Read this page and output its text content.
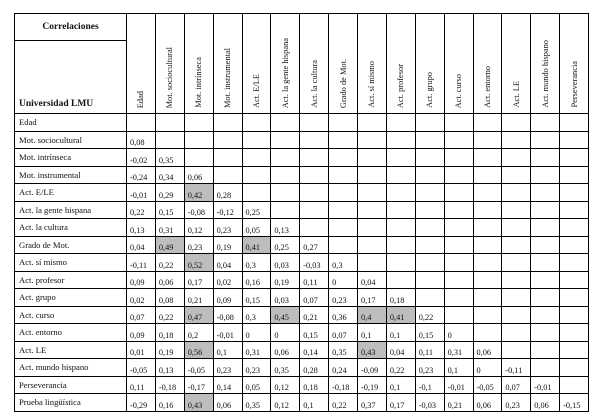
Correlaciones
Universidad LMU	Edad	Mot. sociocultural	Mot. intrínseca	Mot. instrumental	Act. E/LE	Act. la gente hispana	Act. la cultura	Grado de Mot.	Act. sí mismo	Act. profesor	Act. grupo	Act. curso	Act. entorno	Act. LE	Act. mundo hispano	Perseverancia
Edad																
Mot. sociocultural	0,08															
Mot. intrínseca	-0,02	0,35														
Mot. instrumental	-0,24	0,34	0,06													
Act. E/LE	-0,01	0,29	0,42	0,28												
Act. la gente hispana	0,22	0,15	-0,08	-0,12	0,25											
Act. la cultura	0,13	0,31	0,12	0,23	0,05	0,13										
Grado de Mot.	0,04	0,49	0,23	0,19	0,41	0,25	0,27									
Act. sí mismo	-0,11	0,22	0,52	0,04	0,3	0,03	-0,03	0,3								
Act. profesor	0,09	0,06	0,17	0,02	0,16	0,19	0,11	0	0,04							
Act. grupo	0,02	0,08	0,21	0,09	0,15	0,03	0,07	0,23	0,17	0,18						
Act. curso	0,07	0,22	0,47	-0,08	0,3	0,45	0,21	0,36	0,4	0,41	0,22					
Act. entorno	0,09	0,18	0,2	-0,01	0	0	0,15	0,07	0,1	0,1	0,15	0				
Act. LE	0,01	0,19	0,56	0,1	0,31	0,06	0,14	0,35	0,43	0,04	0,11	0,31	0,06			
Act. mundo hispano	-0,05	0,13	-0,05	0,23	0,23	0,35	0,28	0,24	-0,09	0,22	0,23	0,1	0	-0,11		
Perseverancia	0,11	-0,18	-0,17	0,14	0,05	0,12	0,18	-0,18	-0,19	0,1	-0,1	-0,01	-0,05	0,07	-0,01	
Prueba lingüística	-0,29	0,16	0,43	0,06	0,35	0,12	0,1	0,22	0,37	0,17	-0,03	0,21	0,06	0,23	0,06	-0,15
